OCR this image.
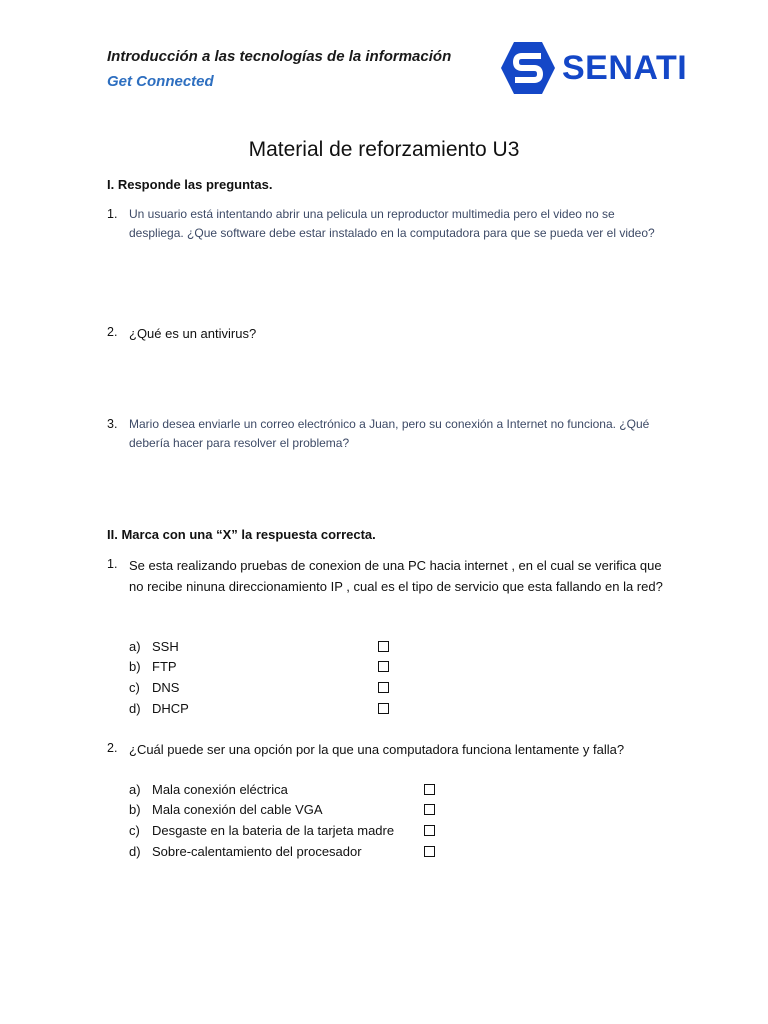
Introducción a las tecnologías de la información
Get Connected	SENATI
Material de reforzamiento U3
I. Responde las preguntas.
1. Un usuario está intentando abrir una pelicula un reproductor multimedia pero el video no se despliega. ¿Que software debe estar instalado en la computadora para que se pueda ver el video?
2. ¿Qué es un antivirus?
3. Mario desea enviarle un correo electrónico a Juan, pero su conexión a Internet no funciona. ¿Qué debería hacer para resolver el problema?
II. Marca con una “X” la respuesta correcta.
1. Se esta realizando pruebas de conexion de una PC hacia internet , en el cual se verifica que no recibe ninuna direccionamiento IP , cual es el tipo de servicio que esta fallando en la red?
a) SSH
b) FTP
c) DNS
d) DHCP
2. ¿Cuál puede ser una opción por la que una computadora funciona lentamente y falla?
a) Mala conexión eléctrica
b) Mala conexión del cable VGA
c) Desgaste en la bateria de la tarjeta madre
d) Sobre-calentamiento del procesador
